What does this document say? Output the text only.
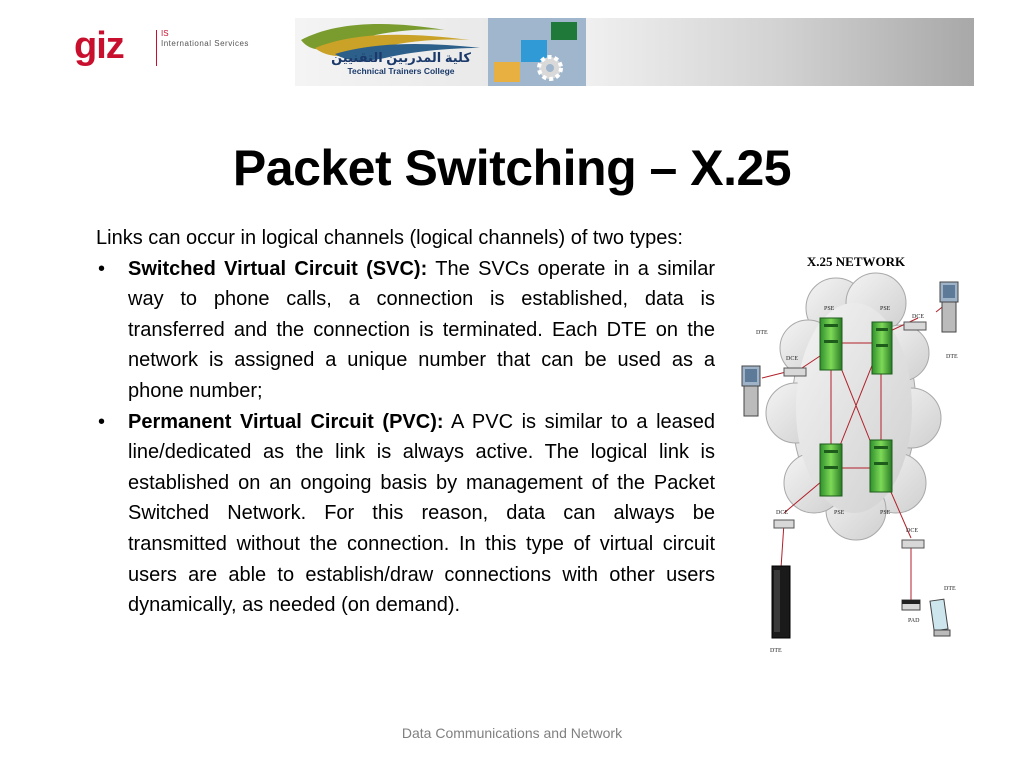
giz	IS
International Services
كلية المدربين التقنيين
Technical Trainers College
Packet Switching – X.25

Links can occur in logical channels (logical channels) of two types:

• Switched Virtual Circuit (SVC): The SVCs operate in a similar way to phone calls, a connection is established, data is transferred and the connection is terminated. Each DTE on the network is assigned a unique number that can be used as a phone number;
• Permanent Virtual Circuit (PVC): A PVC is similar to a leased line/dedicated as the link is always active. The logical link is established on an ongoing basis by management of the Packet Switched Network. For this reason, data can always be transmitted without the connection. In this type of virtual circuit users are able to establish/draw connections with other users dynamically, as needed (on demand).
X.25 NETWORK
PSE	PSE
PSE	PSE
DCE
DCE
DCE
DCE
DTE
DTE
DTE
DTE
PAD
Data Communications and Network
